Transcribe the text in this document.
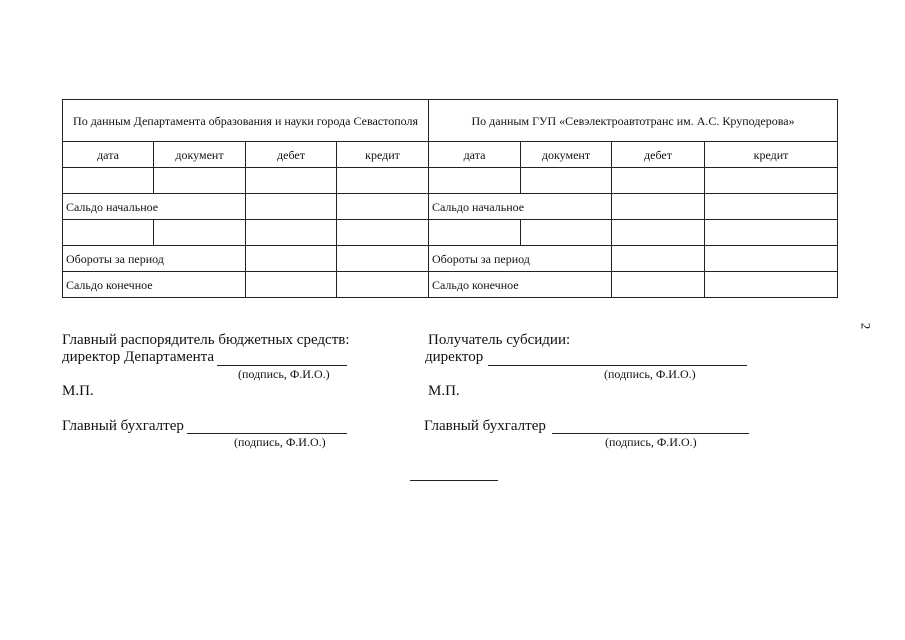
По данным Департамента образования и науки города Севастополя				По данным ГУП «Севэлектроавтотранс им. А.С. Круподерова»			
дата	документ	дебет	кредит	дата	документ	дебет	кредит

Сальдо начальное				Сальдо начальное			

Обороты за период				Обороты за период			
Сальдо конечное				Сальдо конечное			
2
Главный распорядитель бюджетных средств:
директор Департамента
(подпись, Ф.И.О.)
М.П.
Главный бухгалтер
(подпись, Ф.И.О.)
Получатель субсидии:
директор
(подпись, Ф.И.О.)
М.П.
Главный бухгалтер
(подпись, Ф.И.О.)
